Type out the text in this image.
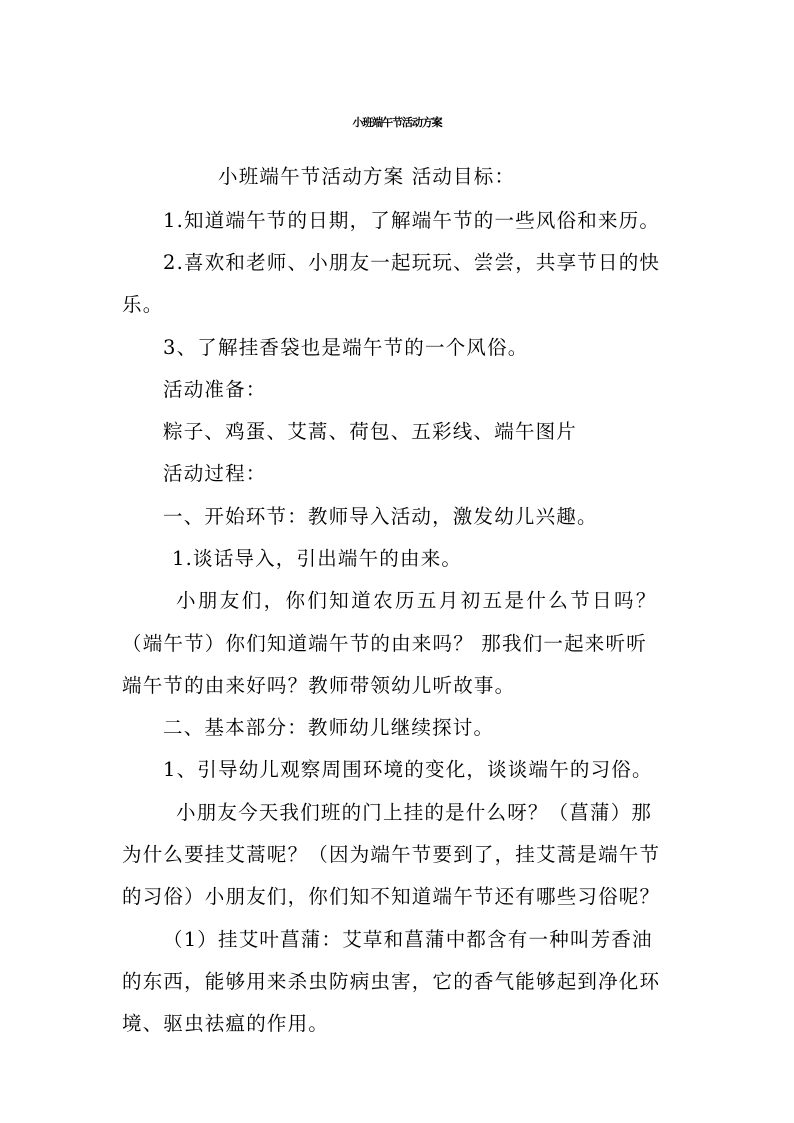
小班端午节活动方案
小班端午节活动方案 活动目标：
1.知道端午节的日期，了解端午节的一些风俗和来历。
2.喜欢和老师、小朋友一起玩玩、尝尝，共享节日的快
乐。
3、了解挂香袋也是端午节的一个风俗。
活动准备：
粽子、鸡蛋、艾蒿、荷包、五彩线、端午图片
活动过程：
一、开始环节：教师导入活动，激发幼儿兴趣。
1.谈话导入，引出端午的由来。
小朋友们，你们知道农历五月初五是什么节日吗？
（端午节）你们知道端午节的由来吗？ 那我们一起来听听
端午节的由来好吗？教师带领幼儿听故事。
二、基本部分：教师幼儿继续探讨。
1、引导幼儿观察周围环境的变化，谈谈端午的习俗。
小朋友今天我们班的门上挂的是什么呀？（菖蒲）那
为什么要挂艾蒿呢？（因为端午节要到了，挂艾蒿是端午节
的习俗）小朋友们，你们知不知道端午节还有哪些习俗呢？
（1）挂艾叶菖蒲：艾草和菖蒲中都含有一种叫芳香油
的东西，能够用来杀虫防病虫害，它的香气能够起到净化环
境、驱虫祛瘟的作用。
